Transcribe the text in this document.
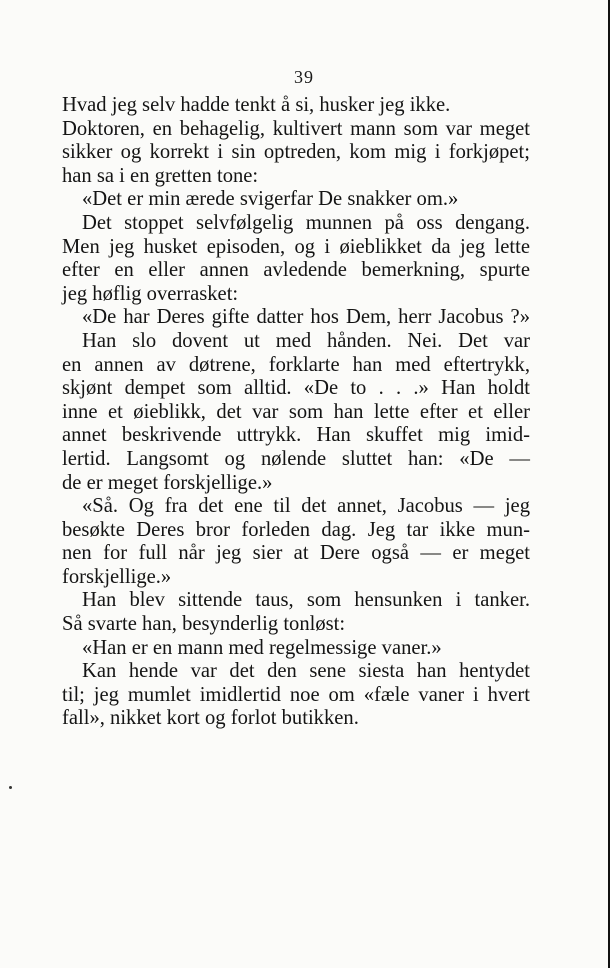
39
Hvad jeg selv hadde tenkt å si, husker jeg ikke.
Doktoren, en behagelig, kultivert mann som var meget
sikker og korrekt i sin optreden, kom mig i forkjøpet;
han sa i en gretten tone:
«Det er min ærede svigerfar De snakker om.»
Det stoppet selvfølgelig munnen på oss dengang.
Men jeg husket episoden, og i øieblikket da jeg lette
efter en eller annen avledende bemerkning, spurte
jeg høflig overrasket:
«De har Deres gifte datter hos Dem, herr Jacobus ?»
Han slo dovent ut med hånden. Nei. Det var
en annen av døtrene, forklarte han med eftertrykk,
skjønt dempet som alltid. «De to . . .» Han holdt
inne et øieblikk, det var som han lette efter et eller
annet beskrivende uttrykk. Han skuffet mig imid-
lertid. Langsomt og nølende sluttet han: «De —
de er meget forskjellige.»
«Så. Og fra det ene til det annet, Jacobus — jeg
besøkte Deres bror forleden dag. Jeg tar ikke mun-
nen for full når jeg sier at Dere også — er meget
forskjellige.»
Han blev sittende taus, som hensunken i tanker.
Så svarte han, besynderlig tonløst:
«Han er en mann med regelmessige vaner.»
Kan hende var det den sene siesta han hentydet
til; jeg mumlet imidlertid noe om «fæle vaner i hvert
fall», nikket kort og forlot butikken.
